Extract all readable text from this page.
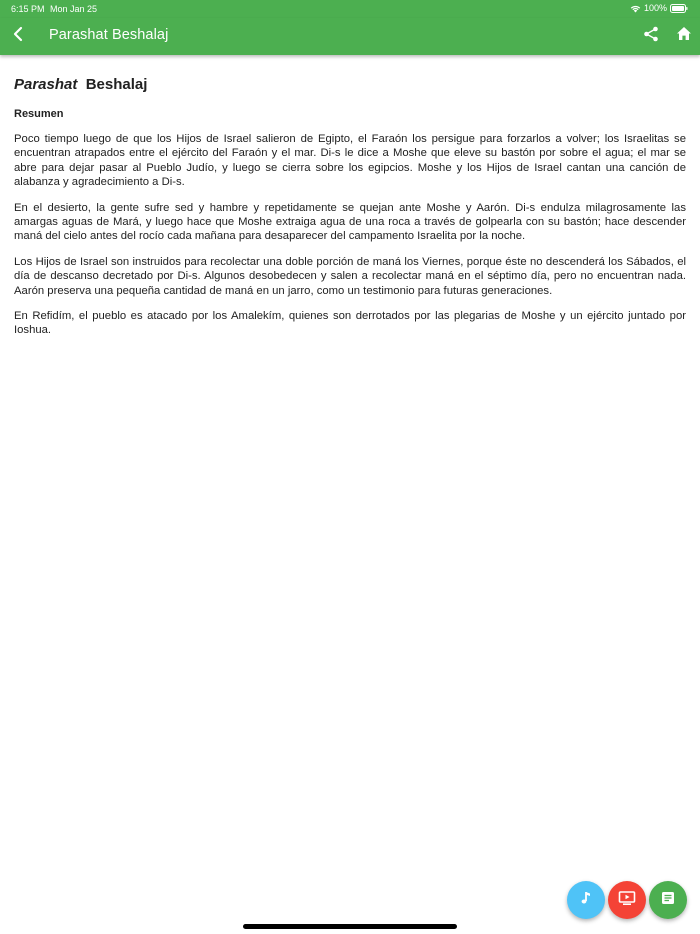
6:15 PM Mon Jan 25	100%
Parashat Beshalaj
Parashat Beshalaj
Resumen

Poco tiempo luego de que los Hijos de Israel salieron de Egipto, el Faraón los persigue para forzarlos a volver; los Israelitas se encuentran atrapados entre el ejército del Faraón y el mar. Di-s le dice a Moshe que eleve su bastón por sobre el agua; el mar se abre para dejar pasar al Pueblo Judío, y luego se cierra sobre los egipcios. Moshe y los Hijos de Israel cantan una canción de alabanza y agradecimiento a Di-s.

En el desierto, la gente sufre sed y hambre y repetidamente se quejan ante Moshe y Aarón. Di-s endulza milagrosamente las amargas aguas de Mará, y luego hace que Moshe extraiga agua de una roca a través de golpearla con su bastón; hace descender maná del cielo antes del rocío cada mañana para desaparecer del campamento Israelita por la noche.

Los Hijos de Israel son instruidos para recolectar una doble porción de maná los Viernes, porque éste no descenderá los Sábados, el día de descanso decretado por Di-s. Algunos desobedecen y salen a recolectar maná en el séptimo día, pero no encuentran nada. Aarón preserva una pequeña cantidad de maná en un jarro, como un testimonio para futuras generaciones.

En Refidím, el pueblo es atacado por los Amalekím, quienes son derrotados por las plegarias de Moshe y un ejército juntado por Ioshua.
